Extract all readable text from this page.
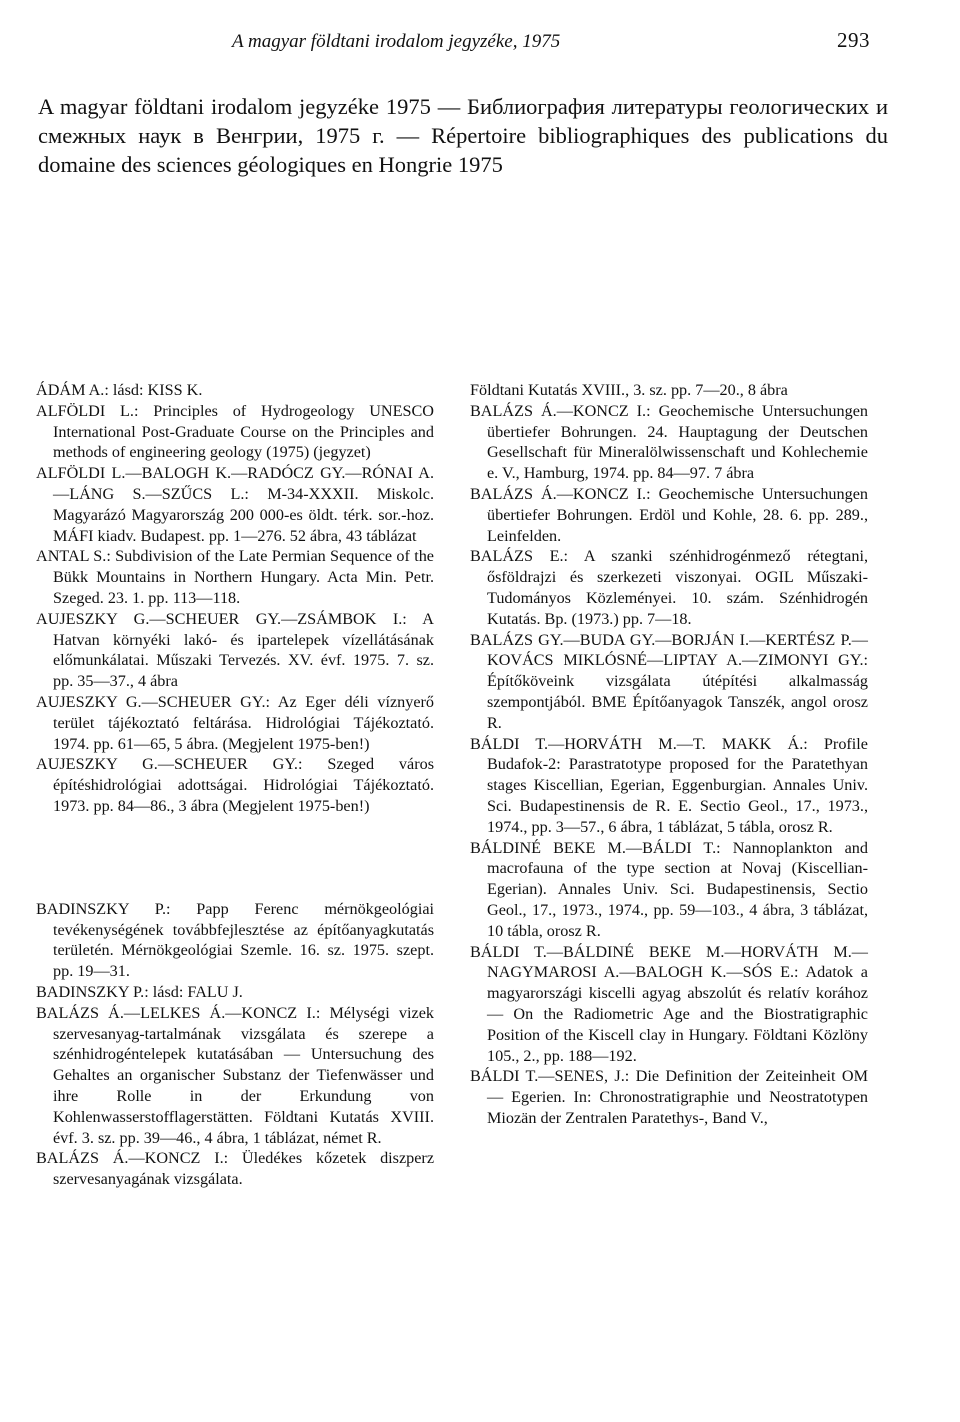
A magyar földtani irodalom jegyzéke, 1975	293
A magyar földtani irodalom jegyzéke 1975 — Библиография литературы геологических и смежных наук в Венгрии, 1975 г. — Répertoire bibliographiques des publications du domaine des sciences géologiques en Hongrie 1975

ÁDÁM A.: lásd: KISS K.

ALFÖLDI L.: Principles of Hydrogeology UNESCO International Post-Graduate Course on the Principles and methods of engineering geology (1975) (jegyzet)

ALFÖLDI L.—BALOGH K.—RADÓCZ GY.—RÓNAI A.—LÁNG S.—SZŰCS L.: M-34-XXXII. Miskolc. Magyarázó Magyarország 200 000-es öldt. térk. sor.-hoz. MÁFI kiadv. Budapest. pp. 1—276. 52 ábra, 43 táblázat

ANTAL S.: Subdivision of the Late Permian Sequence of the Bükk Mountains in Northern Hungary. Acta Min. Petr. Szeged. 23. 1. pp. 113—118.

AUJESZKY G.—SCHEUER GY.—ZSÁMBOK I.: A Hatvan környéki lakó- és ipartelepek vízellátásának előmunkálatai. Műszaki Tervezés. XV. évf. 1975. 7. sz. pp. 35—37., 4 ábra

AUJESZKY G.—SCHEUER GY.: Az Eger déli víznyerő terület tájékoztató feltárása. Hidrológiai Tájékoztató. 1974. pp. 61—65, 5 ábra. (Megjelent 1975-ben!)

AUJESZKY G.—SCHEUER GY.: Szeged város építéshidrológiai adottságai. Hidrológiai Tájékoztató. 1973. pp. 84—86., 3 ábra (Megjelent 1975-ben!)

BADINSZKY P.: Papp Ferenc mérnökgeológiai tevékenységének továbbfejlesztése az építőanyagkutatás területén. Mérnökgeológiai Szemle. 16. sz. 1975. szept. pp. 19—31.

BADINSZKY P.: lásd: FALU J.

BALÁZS Á.—LELKES Á.—KONCZ I.: Mélységi vizek szervesanyag-tartalmának vizsgálata és szerepe a szénhidrogéntelepek kutatásában — Untersuchung des Gehaltes an organischer Substanz der Tiefenwässer und ihre Rolle in der Erkundung von Kohlenwasserstofflagerstätten. Földtani Kutatás XVIII. évf. 3. sz. pp. 39—46., 4 ábra, 1 táblázat, német R.

BALÁZS Á.—KONCZ I.: Üledékes kőzetek diszperz szervesanyagának vizsgálata.

Földtani Kutatás XVIII., 3. sz. pp. 7—20., 8 ábra

BALÁZS Á.—KONCZ I.: Geochemische Untersuchungen übertiefer Bohrungen. 24. Hauptagung der Deutschen Gesellschaft für Mineralölwissenschaft und Kohlechemie e. V., Hamburg, 1974. pp. 84—97. 7 ábra

BALÁZS Á.—KONCZ I.: Geochemische Untersuchungen übertiefer Bohrungen. Erdöl und Kohle, 28. 6. pp. 289., Leinfelden.

BALÁZS E.: A szanki szénhidrogénmező rétegtani, ősföldrajzi és szerkezeti viszonyai. OGIL Műszaki-Tudományos Közleményei. 10. szám. Szénhidrogén Kutatás. Bp. (1973.) pp. 7—18.

BALÁZS GY.—BUDA GY.—BORJÁN I.—KERTÉSZ P.—KOVÁCS MIKLÓSNÉ—LIPTAY A.—ZIMONYI GY.: Építőköveink vizsgálata útépítési alkalmasság szempontjából. BME Építőanyagok Tanszék, angol orosz R.

BÁLDI T.—HORVÁTH M.—T. MAKK Á.: Profile Budafok-2: Parastratotype proposed for the Paratethyan stages Kiscellian, Egerian, Eggenburgian. Annales Univ. Sci. Budapestinensis de R. E. Sectio Geol., 17., 1973., 1974., pp. 3—57., 6 ábra, 1 táblázat, 5 tábla, orosz R.

BÁLDINÉ BEKE M.—BÁLDI T.: Nannoplankton and macrofauna of the type section at Novaj (Kiscellian-Egerian). Annales Univ. Sci. Budapestinensis, Sectio Geol., 17., 1973., 1974., pp. 59—103., 4 ábra, 3 táblázat, 10 tábla, orosz R.

BÁLDI T.—BÁLDINÉ BEKE M.—HORVÁTH M.—NAGYMAROSI A.—BALOGH K.—SÓS E.: Adatok a magyarországi kiscelli agyag abszolút és relatív korához — On the Radiometric Age and the Biostratigraphic Position of the Kiscell clay in Hungary. Földtani Közlöny 105., 2., pp. 188—192.

BÁLDI T.—SENES, J.: Die Definition der Zeiteinheit OM — Egerien. In: Chronostratigraphie und Neostratotypen Miozän der Zentralen Paratethys-, Band V.,
